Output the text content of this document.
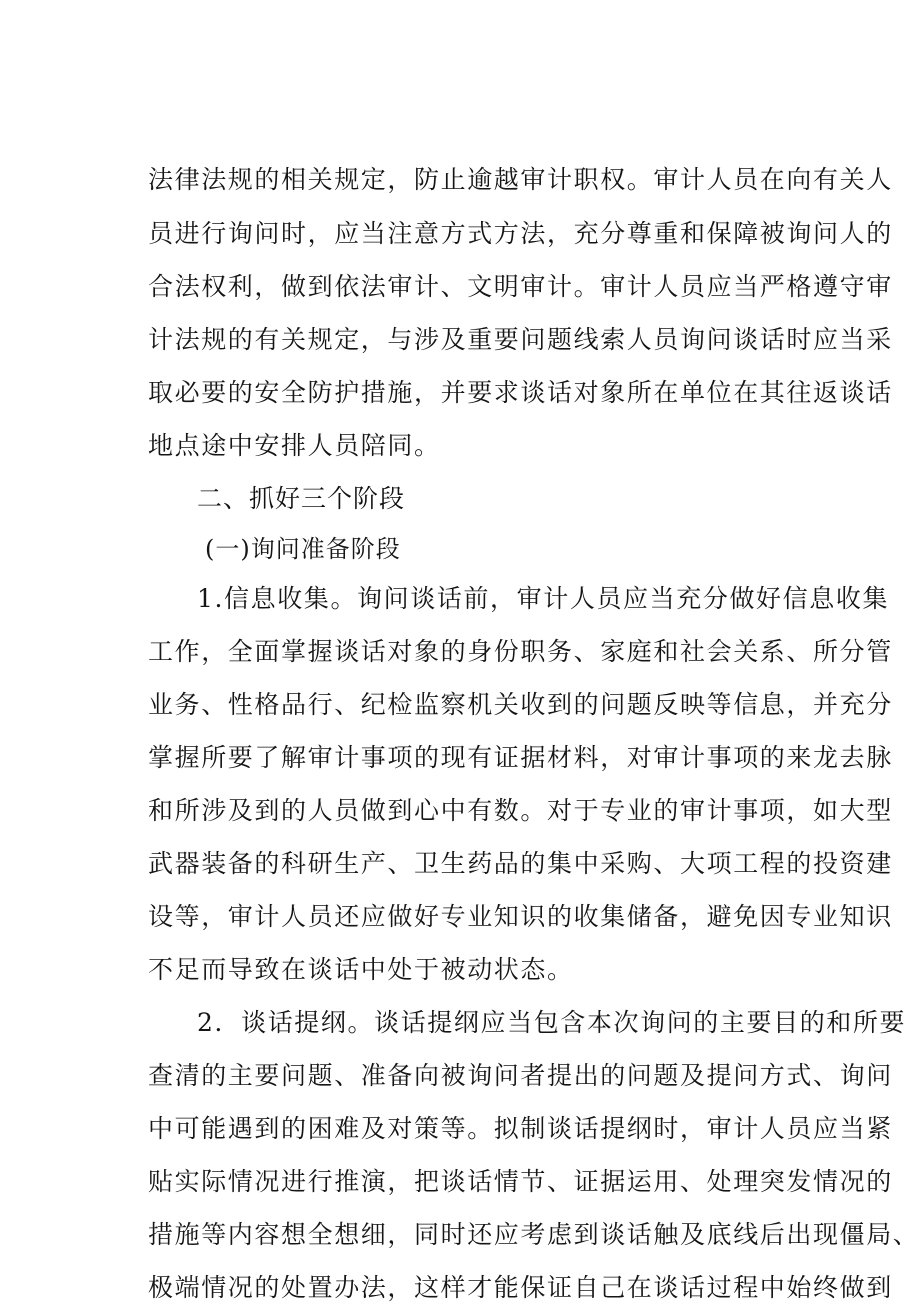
法律法规的相关规定，防止逾越审计职权。审计人员在向有关人
员进行询问时，应当注意方式方法，充分尊重和保障被询问人的
合法权利，做到依法审计、文明审计。审计人员应当严格遵守审
计法规的有关规定，与涉及重要问题线索人员询问谈话时应当采
取必要的安全防护措施，并要求谈话对象所在单位在其往返谈话
地点途中安排人员陪同。
二、抓好三个阶段
(一)询问准备阶段
1.信息收集。询问谈话前，审计人员应当充分做好信息收集
工作，全面掌握谈话对象的身份职务、家庭和社会关系、所分管
业务、性格品行、纪检监察机关收到的问题反映等信息，并充分
掌握所要了解审计事项的现有证据材料，对审计事项的来龙去脉
和所涉及到的人员做到心中有数。对于专业的审计事项，如大型
武器装备的科研生产、卫生药品的集中采购、大项工程的投资建
设等，审计人员还应做好专业知识的收集储备，避免因专业知识
不足而导致在谈话中处于被动状态。
2．谈话提纲。谈话提纲应当包含本次询问的主要目的和所要
查清的主要问题、准备向被询问者提出的问题及提问方式、询问
中可能遇到的困难及对策等。拟制谈话提纲时，审计人员应当紧
贴实际情况进行推演，把谈话情节、证据运用、处理突发情况的
措施等内容想全想细，同时还应考虑到谈话触及底线后出现僵局、
极端情况的处置办法，这样才能保证自己在谈话过程中始终做到
